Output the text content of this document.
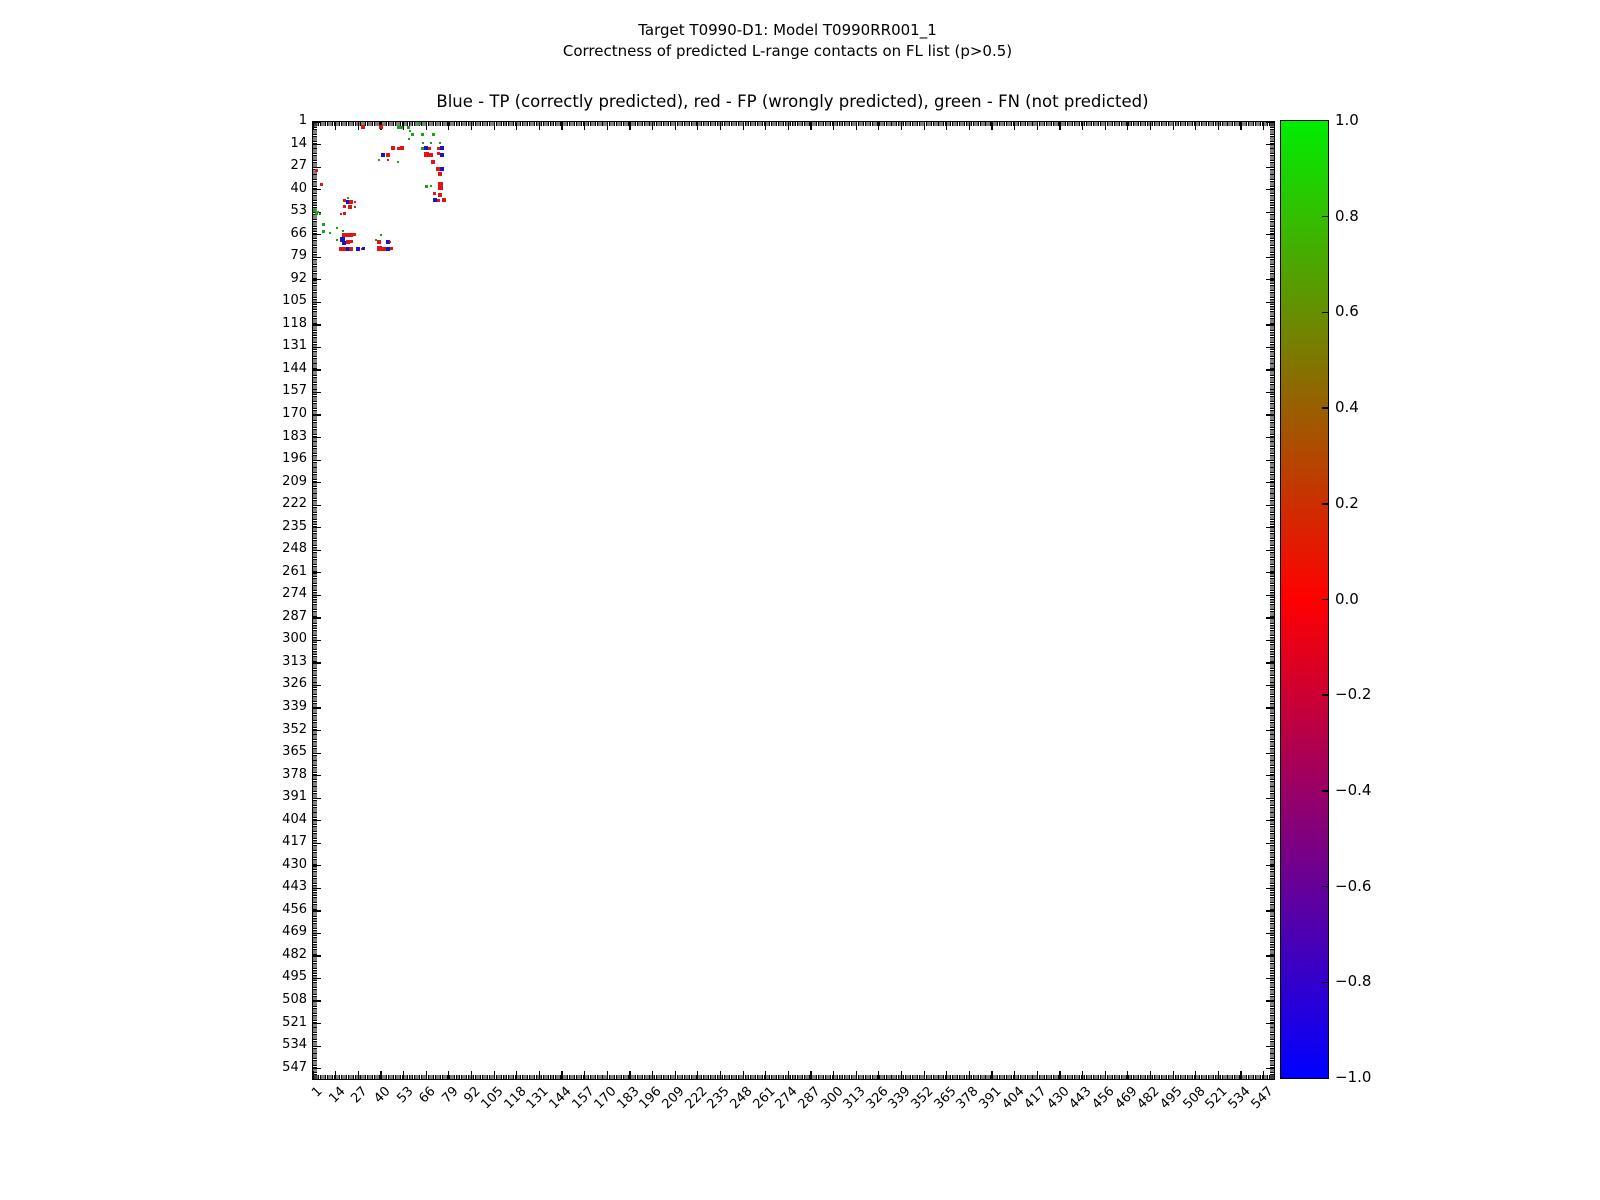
Target T0990-D1: Model T0990RR001_1
Correctness of predicted L-range contacts on FL list (p>0.5)
Blue - TP (correctly predicted), red - FP (wrongly predicted), green - FN (not predicted)
1
14
27
40
53
66
79
92
105
118
131
144
157
170
183
196
209
222
235
248
261
274
287
300
313
326
339
352
365
378
391
404
417
430
443
456
469
482
495
508
521
534
547
1 14 27 40 53 66 79 92
105
118
131
144
157
170
183
196
209
222
235
248
261
274
287
300
313
326
339
352
365
378
391
404
417
430
443
456
469
482
495
508
521
534
547
1.0
0.8
0.6
0.4
0.2
0.0
−0.2
−0.4
−0.6
−0.8
−1.0
